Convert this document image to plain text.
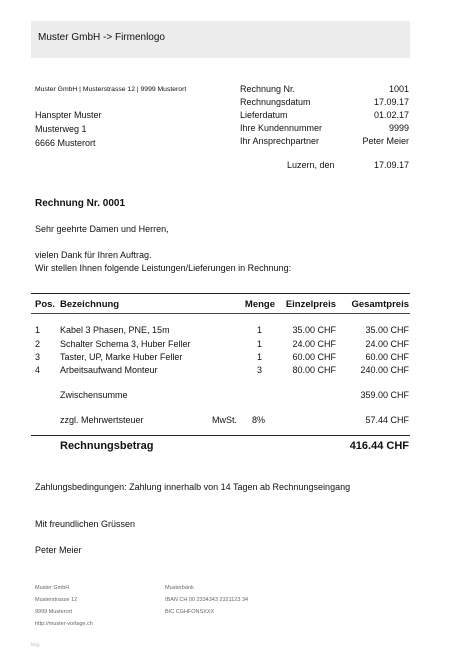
Muster GmbH -> Firmenlogo
Muster GmbH | Musterstrasse 12 | 9999 Musterort
Hanspter Muster
Musterweg 1
6666 Musterort
Rechnung Nr.	1001
Rechnungsdatum	17.09.17
Lieferdatum	01.02.17
Ihre Kundennummer	9999
Ihr Ansprechpartner	Peter Meier
Luzern, den	17.09.17
Rechnung Nr. 0001
Sehr geehrte Damen und Herren,
vielen Dank für Ihren Auftrag.
Wir stellen Ihnen folgende Leistungen/Lieferungen in Rechnung:
Pos. Bezeichnung	Menge Einzelpreis Gesamtpreis
1 Kabel 3 Phasen, PNE, 15m	1	35.00 CHF	35.00 CHF
2 Schalter Schema 3, Huber Feller	1	24.00 CHF	24.00 CHF
3 Taster, UP, Marke Huber Feller	1	60.00 CHF	60.00 CHF
4 Arbeitsaufwand Monteur	3	80.00 CHF	240.00 CHF
Zwischensumme	359.00 CHF
zzgl. Mehrwertsteuer	MwSt. 8%	57.44 CHF
Rechnungsbetrag	416.44 CHF
Zahlungsbedingungen: Zahlung innerhalb von 14 Tagen ab Rechnungseingang
Mit freundlichen Grüssen
Peter Meier
Muster GmbH
Musterstrasse 12
9999 Musterort
http://muster-vorlage.ch
Musterbank
IBAN CH 00 2334343 2321123 34
BIC CGHFONSXXX
blog
